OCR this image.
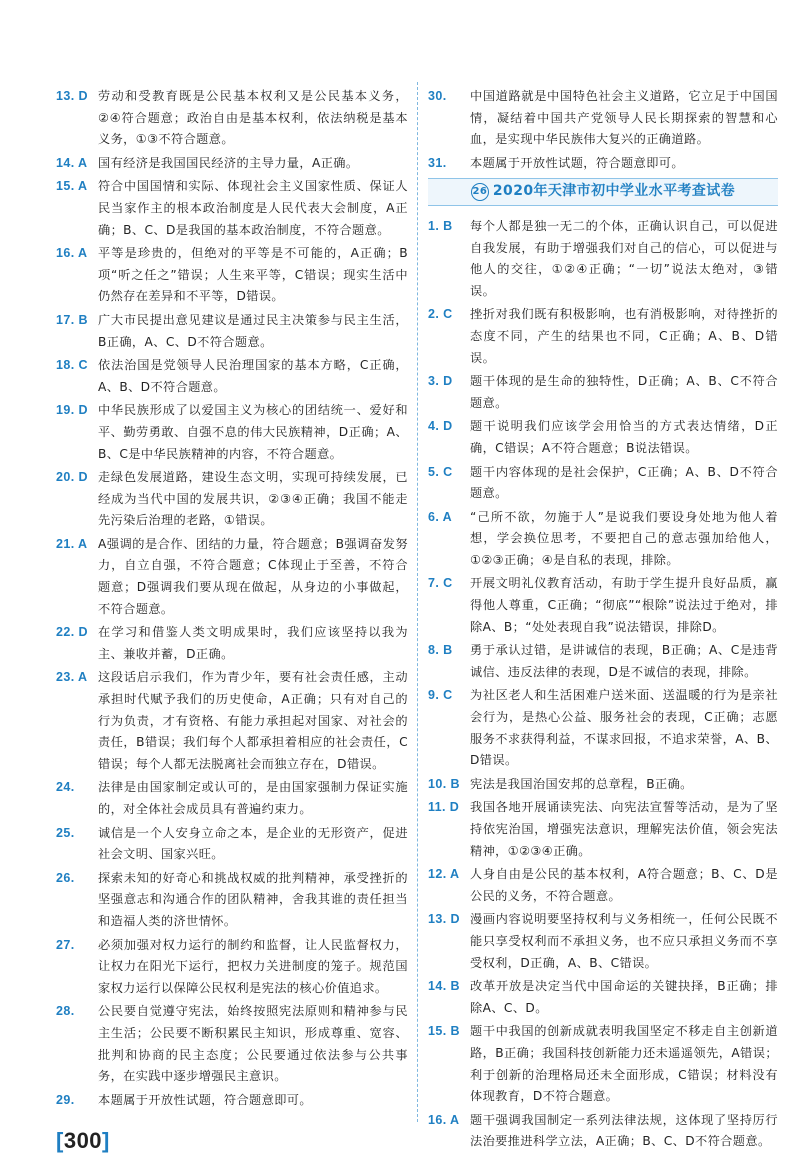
13. D 劳动和受教育既是公民基本权利又是公民基本义务，②④符合题意；政治自由是基本权利，依法纳税是基本义务，①③不符合题意。
14. A 国有经济是我国国民经济的主导力量，A正确。
15. A 符合中国国情和实际、体现社会主义国家性质、保证人民当家作主的根本政治制度是人民代表大会制度，A正确；B、C、D是我国的基本政治制度，不符合题意。
16. A 平等是珍贵的，但绝对的平等是不可能的，A正确；B项“听之任之”错误；人生来平等，C错误；现实生活中仍然存在差异和不平等，D错误。
17. B 广大市民提出意见建议是通过民主决策参与民主生活，B正确，A、C、D不符合题意。
18. C 依法治国是党领导人民治理国家的基本方略，C正确，A、B、D不符合题意。
19. D 中华民族形成了以爱国主义为核心的团结统一、爱好和平、勤劳勇敢、自强不息的伟大民族精神，D正确；A、B、C是中华民族精神的内容，不符合题意。
20. D 走绿色发展道路，建设生态文明，实现可持续发展，已经成为当代中国的发展共识，②③④正确；我国不能走先污染后治理的老路，①错误。
21. A A强调的是合作、团结的力量，符合题意；B强调奋发努力，自立自强，不符合题意；C体现止于至善，不符合题意；D强调我们要从现在做起，从身边的小事做起，不符合题意。
22. D 在学习和借鉴人类文明成果时，我们应该坚持以我为主、兼收并蓄，D正确。
23. A 这段话启示我们，作为青少年，要有社会责任感，主动承担时代赋予我们的历史使命，A正确；只有对自己的行为负责，才有资格、有能力承担起对国家、对社会的责任，B错误；我们每个人都承担着相应的社会责任，C错误；每个人都无法脱离社会而独立存在，D错误。
24. 法律是由国家制定或认可的，是由国家强制力保证实施的，对全体社会成员具有普遍约束力。
25. 诚信是一个人安身立命之本，是企业的无形资产，促进社会文明、国家兴旺。
26. 探索未知的好奇心和挑战权威的批判精神，承受挫折的坚强意志和沟通合作的团队精神，舍我其谁的责任担当和造福人类的济世情怀。
27. 必须加强对权力运行的制约和监督，让人民监督权力，让权力在阳光下运行，把权力关进制度的笼子。规范国家权力运行以保障公民权利是宪法的核心价值追求。
28. 公民要自觉遵守宪法，始终按照宪法原则和精神参与民主生活；公民要不断积累民主知识，形成尊重、宽容、批判和协商的民主态度；公民要通过依法参与公共事务，在实践中逐步增强民主意识。
29. 本题属于开放性试题，符合题意即可。
30. 中国道路就是中国特色社会主义道路，它立足于中国国情，凝结着中国共产党领导人民长期探索的智慧和心血，是实现中华民族伟大复兴的正确道路。
31. 本题属于开放性试题，符合题意即可。
26 2020年天津市初中学业水平考查试卷
1. B 每个人都是独一无二的个体，正确认识自己，可以促进自我发展，有助于增强我们对自己的信心，可以促进与他人的交往，①②④正确；“一切”说法太绝对，③错误。
2. C 挫折对我们既有积极影响，也有消极影响，对待挫折的态度不同，产生的结果也不同，C正确；A、B、D错误。
3. D 题干体现的是生命的独特性，D正确；A、B、C不符合题意。
4. D 题干说明我们应该学会用恰当的方式表达情绪，D正确，C错误；A不符合题意；B说法错误。
5. C 题干内容体现的是社会保护，C正确；A、B、D不符合题意。
6. A “己所不欲，勿施于人”是说我们要设身处地为他人着想，学会换位思考，不要把自己的意志强加给他人，①②③正确；④是自私的表现，排除。
7. C 开展文明礼仪教育活动，有助于学生提升良好品质，赢得他人尊重，C正确；“彻底”“根除”说法过于绝对，排除A、B；“处处表现自我”说法错误，排除D。
8. B 勇于承认过错，是讲诚信的表现，B正确；A、C是违背诚信、违反法律的表现，D是不诚信的表现，排除。
9. C 为社区老人和生活困难户送米面、送温暖的行为是亲社会行为，是热心公益、服务社会的表现，C正确；志愿服务不求获得利益，不谋求回报，不追求荣誉，A、B、D错误。
10. B 宪法是我国治国安邦的总章程，B正确。
11. D 我国各地开展诵读宪法、向宪法宣誓等活动，是为了坚持依宪治国，增强宪法意识，理解宪法价值，领会宪法精神，①②③④正确。
12. A 人身自由是公民的基本权利，A符合题意；B、C、D是公民的义务，不符合题意。
13. D 漫画内容说明要坚持权利与义务相统一，任何公民既不能只享受权利而不承担义务，也不应只承担义务而不享受权利，D正确，A、B、C错误。
14. B 改革开放是决定当代中国命运的关键抉择，B正确；排除A、C、D。
15. B 题干中我国的创新成就表明我国坚定不移走自主创新道路，B正确；我国科技创新能力还未遥遥领先，A错误；利于创新的治理格局还未全面形成，C错误；材料没有体现教育，D不符合题意。
16. A 题干强调我国制定一系列法律法规，这体现了坚持厉行法治要推进科学立法，A正确；B、C、D不符合题意。
[300]
